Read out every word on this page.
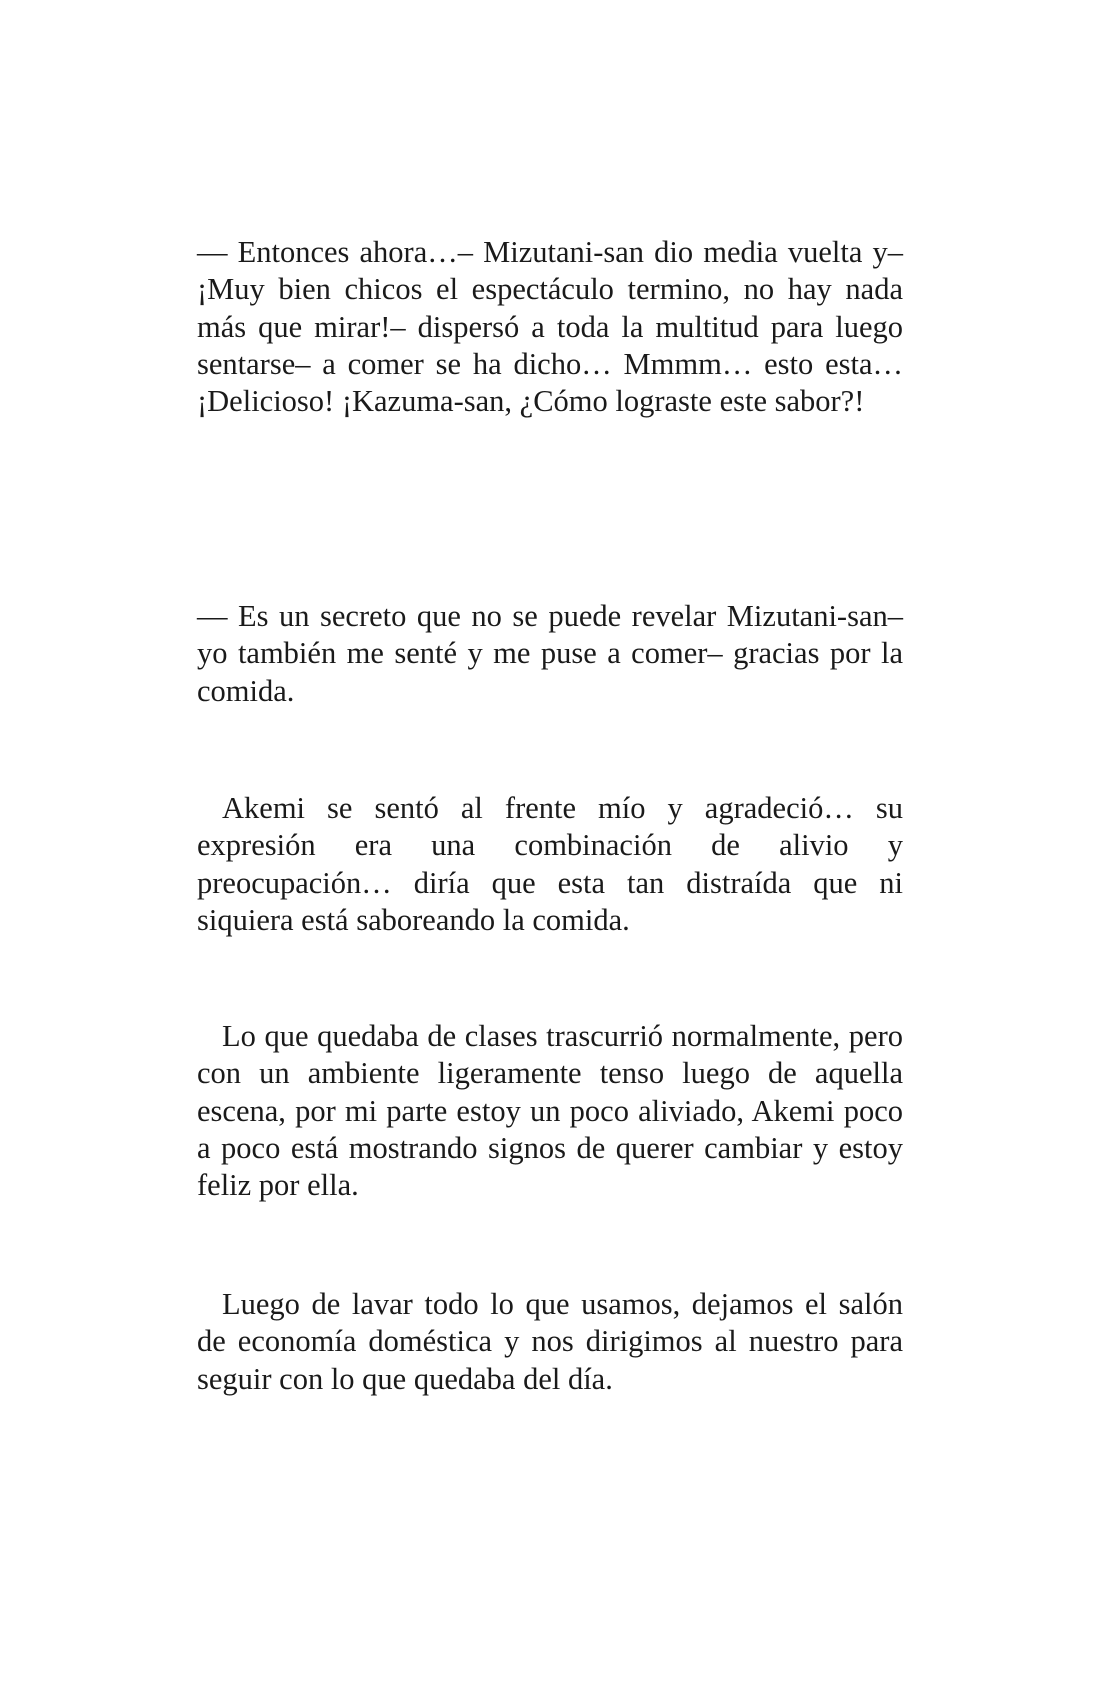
— Entonces ahora…– Mizutani-san dio media vuelta y– ¡Muy bien chicos el espectáculo termino, no hay nada más que mirar!– dispersó a toda la multitud para luego sentarse– a comer se ha dicho… Mmmm… esto esta… ¡Delicioso! ¡Kazuma-san, ¿Cómo lograste este sabor?!

— Es un secreto que no se puede revelar Mizutani-san– yo también me senté y me puse a comer– gracias por la comida.

Akemi se sentó al frente mío y agradeció… su expresión era una combinación de alivio y preocupación… diría que esta tan distraída que ni siquiera está saboreando la comida.

Lo que quedaba de clases trascurrió normalmente, pero con un ambiente ligeramente tenso luego de aquella escena, por mi parte estoy un poco aliviado, Akemi poco a poco está mostrando signos de querer cambiar y estoy feliz por ella.

Luego de lavar todo lo que usamos, dejamos el salón de economía doméstica y nos dirigimos al nuestro para seguir con lo que quedaba del día.
